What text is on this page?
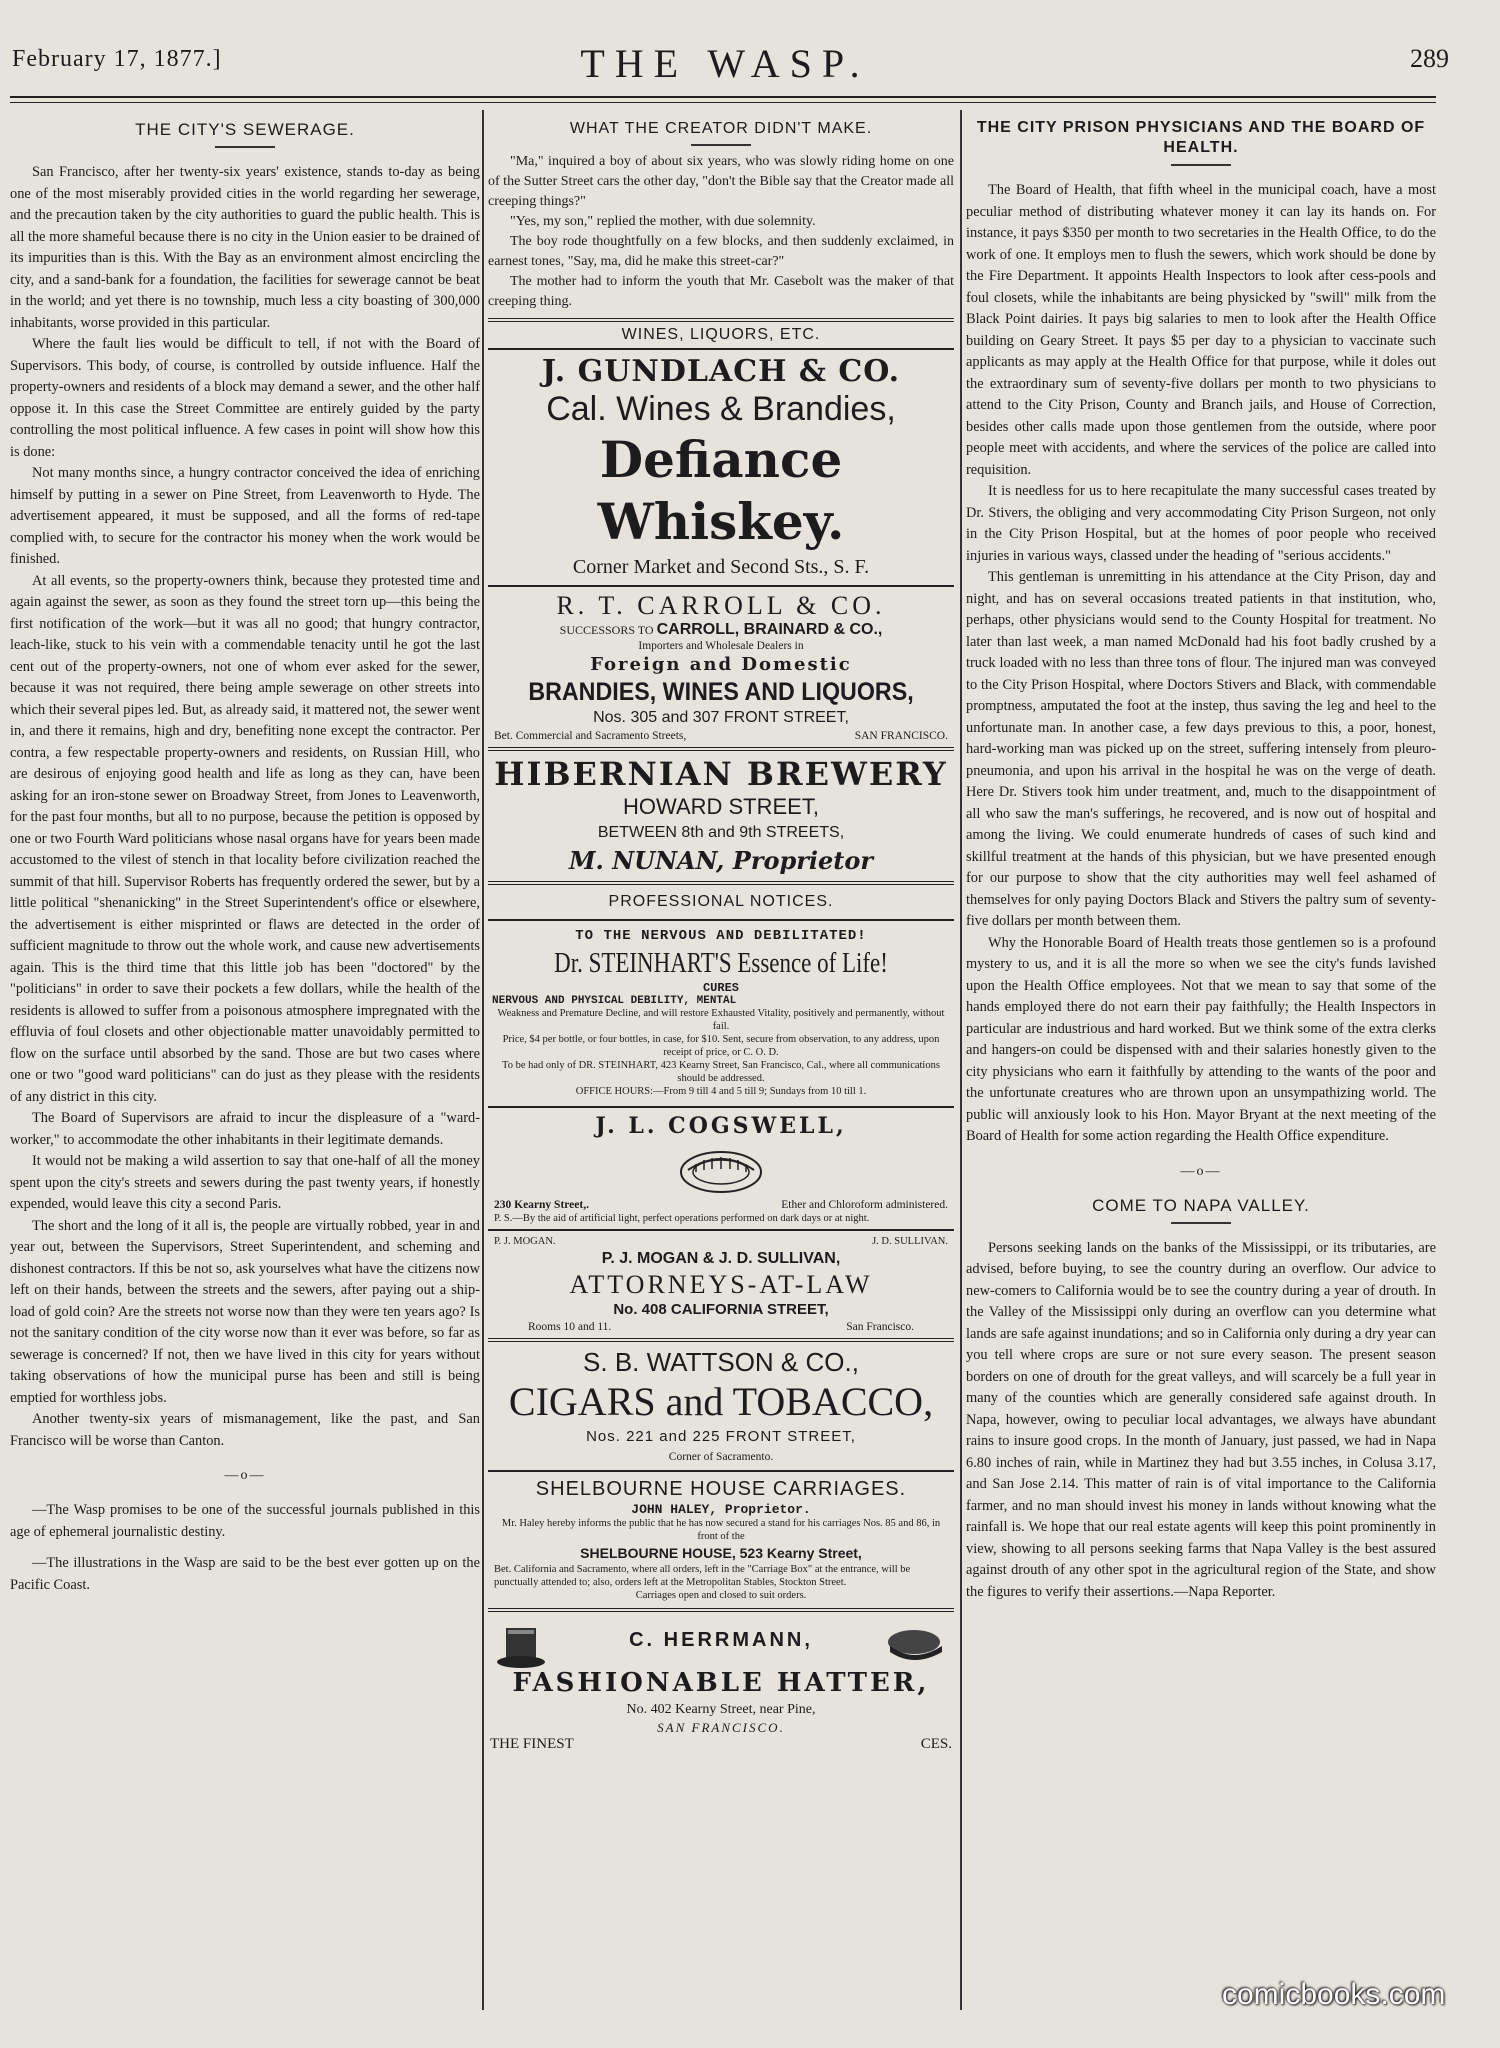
February 17, 1877.]	THE WASP.	289
THE CITY'S SEWERAGE.

San Francisco, after her twenty-six years' existence, stands to-day as being one of the most miserably provided cities in the world regarding her sewerage, and the precaution taken by the city authorities to guard the public health. This is all the more shameful because there is no city in the Union easier to be drained of its impurities than is this. With the Bay as an environment almost encircling the city, and a sand-bank for a foundation, the facilities for sewerage cannot be beat in the world; and yet there is no township, much less a city boasting of 300,000 inhabitants, worse provided in this particular.

Where the fault lies would be difficult to tell, if not with the Board of Supervisors. This body, of course, is controlled by outside influence. Half the property-owners and residents of a block may demand a sewer, and the other half oppose it. In this case the Street Committee are entirely guided by the party controlling the most political influence. A few cases in point will show how this is done:

Not many months since, a hungry contractor conceived the idea of enriching himself by putting in a sewer on Pine Street, from Leavenworth to Hyde. The advertisement appeared, it must be supposed, and all the forms of red-tape complied with, to secure for the contractor his money when the work would be finished.

At all events, so the property-owners think, because they protested time and again against the sewer, as soon as they found the street torn up—this being the first notification of the work—but it was all no good; that hungry contractor, leach-like, stuck to his vein with a commendable tenacity until he got the last cent out of the property-owners, not one of whom ever asked for the sewer, because it was not required, there being ample sewerage on other streets into which their several pipes led. But, as already said, it mattered not, the sewer went in, and there it remains, high and dry, benefiting none except the contractor. Per contra, a few respectable property-owners and residents, on Russian Hill, who are desirous of enjoying good health and life as long as they can, have been asking for an iron-stone sewer on Broadway Street, from Jones to Leavenworth, for the past four months, but all to no purpose, because the petition is opposed by one or two Fourth Ward politicians whose nasal organs have for years been made accustomed to the vilest of stench in that locality before civilization reached the summit of that hill. Supervisor Roberts has frequently ordered the sewer, but by a little political "shenanicking" in the Street Superintendent's office or elsewhere, the advertisement is either misprinted or flaws are detected in the order of sufficient magnitude to throw out the whole work, and cause new advertisements again. This is the third time that this little job has been "doctored" by the "politicians" in order to save their pockets a few dollars, while the health of the residents is allowed to suffer from a poisonous atmosphere impregnated with the effluvia of foul closets and other objectionable matter unavoidably permitted to flow on the surface until absorbed by the sand. Those are but two cases where one or two "good ward politicians" can do just as they please with the residents of any district in this city.

The Board of Supervisors are afraid to incur the displeasure of a "ward-worker," to accommodate the other inhabitants in their legitimate demands.

It would not be making a wild assertion to say that one-half of all the money spent upon the city's streets and sewers during the past twenty years, if honestly expended, would leave this city a second Paris.

The short and the long of it all is, the people are virtually robbed, year in and year out, between the Supervisors, Street Superintendent, and scheming and dishonest contractors. If this be not so, ask yourselves what have the citizens now left on their hands, between the streets and the sewers, after paying out a ship-load of gold coin? Are the streets not worse now than they were ten years ago? Is not the sanitary condition of the city worse now than it ever was before, so far as sewerage is concerned? If not, then we have lived in this city for years without taking observations of how the municipal purse has been and still is being emptied for worthless jobs.

Another twenty-six years of mismanagement, like the past, and San Francisco will be worse than Canton.

—o—

—The Wasp promises to be one of the successful journals published in this age of ephemeral journalistic destiny.

—The illustrations in the Wasp are said to be the best ever gotten up on the Pacific Coast.

WHAT THE CREATOR DIDN'T MAKE.

"Ma," inquired a boy of about six years, who was slowly riding home on one of the Sutter Street cars the other day, "don't the Bible say that the Creator made all creeping things?"

"Yes, my son," replied the mother, with due solemnity.

The boy rode thoughtfully on a few blocks, and then suddenly exclaimed, in earnest tones, "Say, ma, did he make this street-car?"

The mother had to inform the youth that Mr. Casebolt was the maker of that creeping thing.

WINES, LIQUORS, ETC.
J. GUNDLACH & CO.
Cal. Wines & Brandies,
Defiance Whiskey.
Corner Market and Second Sts., S. F.
R. T. CARROLL & CO.
SUCCESSORS TO CARROLL, BRAINARD & CO.,
Importers and Wholesale Dealers in
Foreign and Domestic
BRANDIES, WINES AND LIQUORS,
Nos. 305 and 307 FRONT STREET,
Bet. Commercial and Sacramento Streets,	SAN FRANCISCO.
HIBERNIAN BREWERY
HOWARD STREET,
BETWEEN 8th and 9th STREETS,
M. NUNAN, Proprietor
PROFESSIONAL NOTICES.
TO THE NERVOUS AND DEBILITATED!
Dr. STEINHART'S Essence of Life!
CURES
NERVOUS AND PHYSICAL DEBILITY, MENTAL
Weakness and Premature Decline, and will restore Exhausted Vitality, positively and permanently, without fail.
Price, $4 per bottle, or four bottles, in case, for $10. Sent, secure from observation, to any address, upon receipt of price, or C. O. D.
To be had only of DR. STEINHART, 423 Kearny Street, San Francisco, Cal., where all communications should be addressed.
OFFICE HOURS:—From 9 till 4 and 5 till 9; Sundays from 10 till 1.
J. L. COGSWELL,
230 Kearny Street,.	Ether and Chloroform administered.
P. S.—By the aid of artificial light, perfect operations performed on dark days or at night.
P. J. MOGAN.	J. D. SULLIVAN.
P. J. MOGAN & J. D. SULLIVAN,
ATTORNEYS-AT-LAW
No. 408 CALIFORNIA STREET,
Rooms 10 and 11.	San Francisco.
S. B. WATTSON & CO.,
CIGARS and TOBACCO,
Nos. 221 and 225 FRONT STREET,
Corner of Sacramento.
SHELBOURNE HOUSE CARRIAGES.
JOHN HALEY, Proprietor.
Mr. Haley hereby informs the public that he has now secured a stand for his carriages Nos. 85 and 86, in front of the
SHELBOURNE HOUSE, 523 Kearny Street,
Bet. California and Sacramento, where all orders, left in the "Carriage Box" at the entrance, will be punctually attended to; also, orders left at the Metropolitan Stables, Stockton Street.
Carriages open and closed to suit orders.
C. HERRMANN,
FASHIONABLE HATTER,
No. 402 Kearny Street, near Pine,
SAN FRANCISCO.
THE FINEST	CES.
THE CITY PRISON PHYSICIANS AND THE BOARD OF HEALTH.

The Board of Health, that fifth wheel in the municipal coach, have a most peculiar method of distributing whatever money it can lay its hands on. For instance, it pays $350 per month to two secretaries in the Health Office, to do the work of one. It employs men to flush the sewers, which work should be done by the Fire Department. It appoints Health Inspectors to look after cess-pools and foul closets, while the inhabitants are being physicked by "swill" milk from the Black Point dairies. It pays big salaries to men to look after the Health Office building on Geary Street. It pays $5 per day to a physician to vaccinate such applicants as may apply at the Health Office for that purpose, while it doles out the extraordinary sum of seventy-five dollars per month to two physicians to attend to the City Prison, County and Branch jails, and House of Correction, besides other calls made upon those gentlemen from the outside, where poor people meet with accidents, and where the services of the police are called into requisition.

It is needless for us to here recapitulate the many successful cases treated by Dr. Stivers, the obliging and very accommodating City Prison Surgeon, not only in the City Prison Hospital, but at the homes of poor people who received injuries in various ways, classed under the heading of "serious accidents."

This gentleman is unremitting in his attendance at the City Prison, day and night, and has on several occasions treated patients in that institution, who, perhaps, other physicians would send to the County Hospital for treatment. No later than last week, a man named McDonald had his foot badly crushed by a truck loaded with no less than three tons of flour. The injured man was conveyed to the City Prison Hospital, where Doctors Stivers and Black, with commendable promptness, amputated the foot at the instep, thus saving the leg and heel to the unfortunate man. In another case, a few days previous to this, a poor, honest, hard-working man was picked up on the street, suffering intensely from pleuro-pneumonia, and upon his arrival in the hospital he was on the verge of death. Here Dr. Stivers took him under treatment, and, much to the disappointment of all who saw the man's sufferings, he recovered, and is now out of hospital and among the living. We could enumerate hundreds of cases of such kind and skillful treatment at the hands of this physician, but we have presented enough for our purpose to show that the city authorities may well feel ashamed of themselves for only paying Doctors Black and Stivers the paltry sum of seventy-five dollars per month between them.

Why the Honorable Board of Health treats those gentlemen so is a profound mystery to us, and it is all the more so when we see the city's funds lavished upon the Health Office employees. Not that we mean to say that some of the hands employed there do not earn their pay faithfully; the Health Inspectors in particular are industrious and hard worked. But we think some of the extra clerks and hangers-on could be dispensed with and their salaries honestly given to the city physicians who earn it faithfully by attending to the wants of the poor and the unfortunate creatures who are thrown upon an unsympathizing world. The public will anxiously look to his Hon. Mayor Bryant at the next meeting of the Board of Health for some action regarding the Health Office expenditure.

—o—
COME TO NAPA VALLEY.

Persons seeking lands on the banks of the Mississippi, or its tributaries, are advised, before buying, to see the country during an overflow. Our advice to new-comers to California would be to see the country during a year of drouth. In the Valley of the Mississippi only during an overflow can you determine what lands are safe against inundations; and so in California only during a dry year can you tell where crops are sure or not sure every season. The present season borders on one of drouth for the great valleys, and will scarcely be a full year in many of the counties which are generally considered safe against drouth. In Napa, however, owing to peculiar local advantages, we always have abundant rains to insure good crops. In the month of January, just passed, we had in Napa 6.80 inches of rain, while in Martinez they had but 3.55 inches, in Colusa 3.17, and San Jose 2.14. This matter of rain is of vital importance to the California farmer, and no man should invest his money in lands without knowing what the rainfall is. We hope that our real estate agents will keep this point prominently in view, showing to all persons seeking farms that Napa Valley is the best assured against drouth of any other spot in the agricultural region of the State, and show the figures to verify their assertions.—Napa Reporter.

comicbooks.com
